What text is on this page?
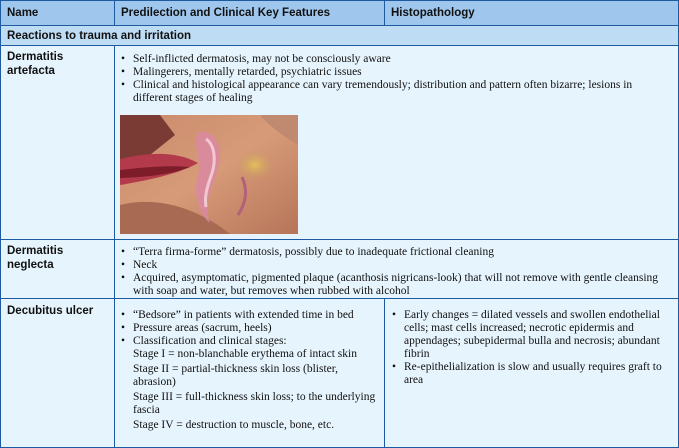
Name	Predilection and Clinical Key Features	Histopathology
Reactions to trauma and irritation
Dermatitis artefacta
• Self-inflicted dermatosis, may not be consciously aware
• Malingerers, mentally retarded, psychiatric issues
• Clinical and histological appearance can vary tremendously; distribution and pattern often bizarre; lesions in different stages of healing
Dermatitis neglecta
• “Terra firma-forme” dermatosis, possibly due to inadequate frictional cleaning
• Neck
• Acquired, asymptomatic, pigmented plaque (acanthosis nigricans-look) that will not remove with gentle cleansing with soap and water, but removes when rubbed with alcohol
Decubitus ulcer
•	“Bedsore” in patients with extended time in bed
• Pressure areas (sacrum, heels)
• Classification and clinical stages:
Stage I = non-blanchable erythema of intact skin
Stage II = partial-thickness skin loss (blister, abrasion)
Stage III = full-thickness skin loss; to the underlying fascia
Stage IV = destruction to muscle, bone, etc.
• Early changes = dilated vessels and swollen endothelial cells; mast cells increased; necrotic epidermis and appendages; subepidermal bulla and necrosis; abundant fibrin
• Re-epithelialization is slow and usually requires graft to area
